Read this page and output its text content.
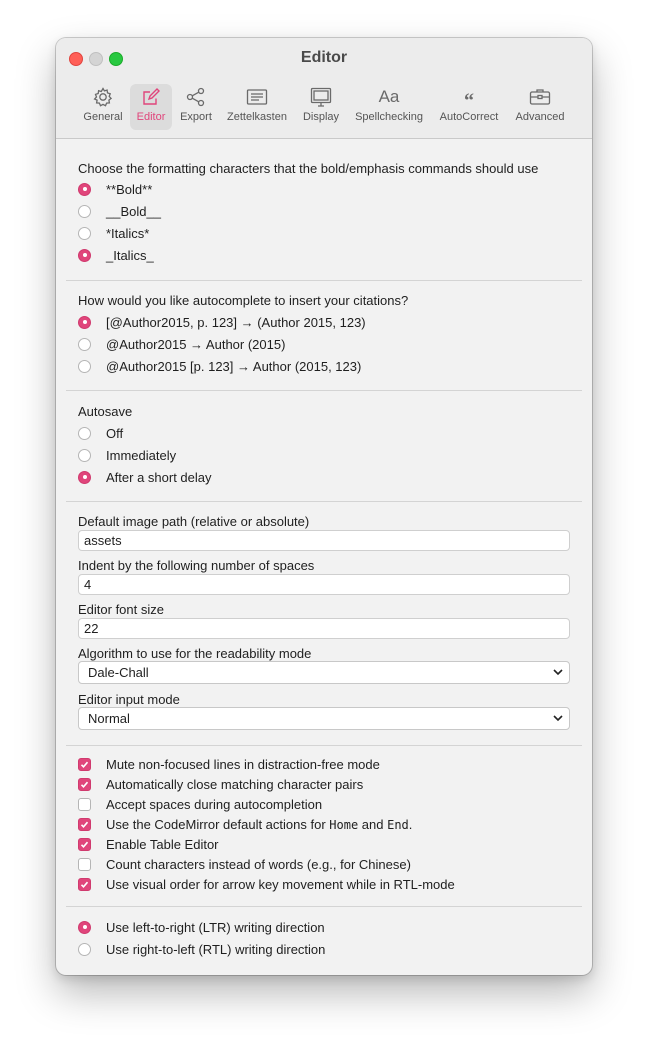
Editor
General Editor Export Zettelkasten Display
Aa
Spellchecking
“
AutoCorrect Advanced
Choose the formatting characters that the bold/emphasis commands should use
**Bold**
__Bold__
*Italics*
_Italics_
How would you like autocomplete to insert your citations?
[@Author2015, p. 123] → (Author 2015, 123)
@Author2015 → Author (2015)
@Author2015 [p. 123] → Author (2015, 123)
Autosave
Off
Immediately
After a short delay
Default image path (relative or absolute)
assets
Indent by the following number of spaces
4
Editor font size
22
Algorithm to use for the readability mode
Dale-Chall
Editor input mode
Normal
Mute non-focused lines in distraction-free mode
Automatically close matching character pairs
Accept spaces during autocompletion
Use the CodeMirror default actions for Home and End.
Enable Table Editor
Count characters instead of words (e.g., for Chinese)
Use visual order for arrow key movement while in RTL-mode
Use left-to-right (LTR) writing direction
Use right-to-left (RTL) writing direction
